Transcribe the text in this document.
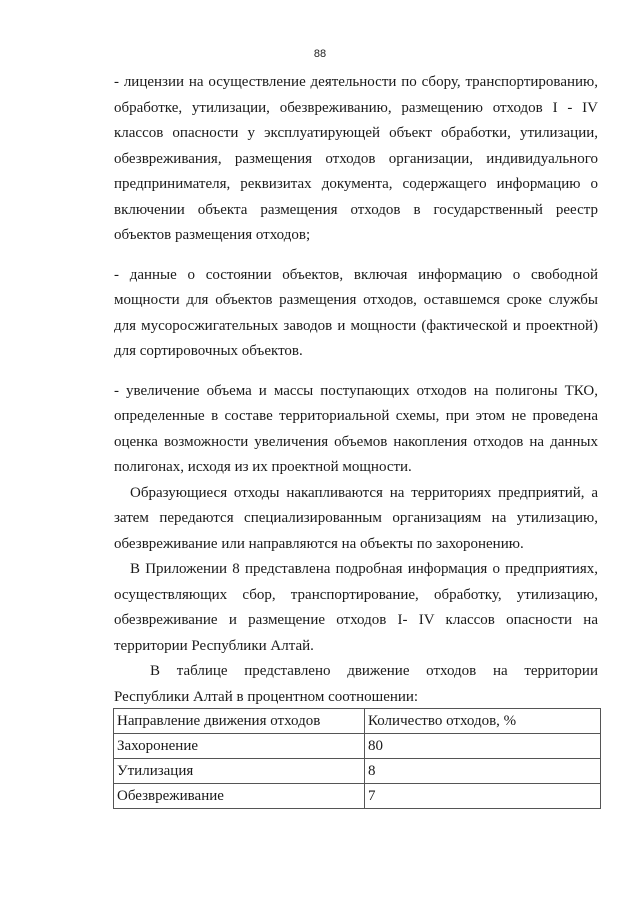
88

- лицензии на осуществление деятельности по сбору, транспортированию, обработке, утилизации, обезвреживанию, размещению отходов I - IV классов опасности у эксплуатирующей объект обработки, утилизации, обезвреживания, размещения отходов организации, индивидуального предпринимателя, реквизитах документа, содержащего информацию о включении объекта размещения отходов в государственный реестр объектов размещения отходов;

- данные о состоянии объектов, включая информацию о свободной мощности для объектов размещения отходов, оставшемся сроке службы для мусоросжигательных заводов и мощности (фактической и проектной) для сортировочных объектов.

- увеличение объема и массы поступающих отходов на полигоны ТКО, определенные в составе территориальной схемы, при этом не проведена оценка возможности увеличения объемов накопления отходов на данных полигонах, исходя из их проектной мощности.

Образующиеся отходы накапливаются на территориях предприятий, а затем передаются специализированным организациям на утилизацию, обезвреживание или направляются на объекты по захоронению.

В Приложении 8 представлена подробная информация о предприятиях, осуществляющих сбор, транспортирование, обработку, утилизацию, обезвреживание и размещение отходов I- IV классов опасности на территории Республики Алтай.

В таблице представлено движение отходов на территории Республики Алтай в процентном соотношении:

Направление движения отходов	Количество отходов, %
Захоронение	80
Утилизация	8
Обезвреживание	7
